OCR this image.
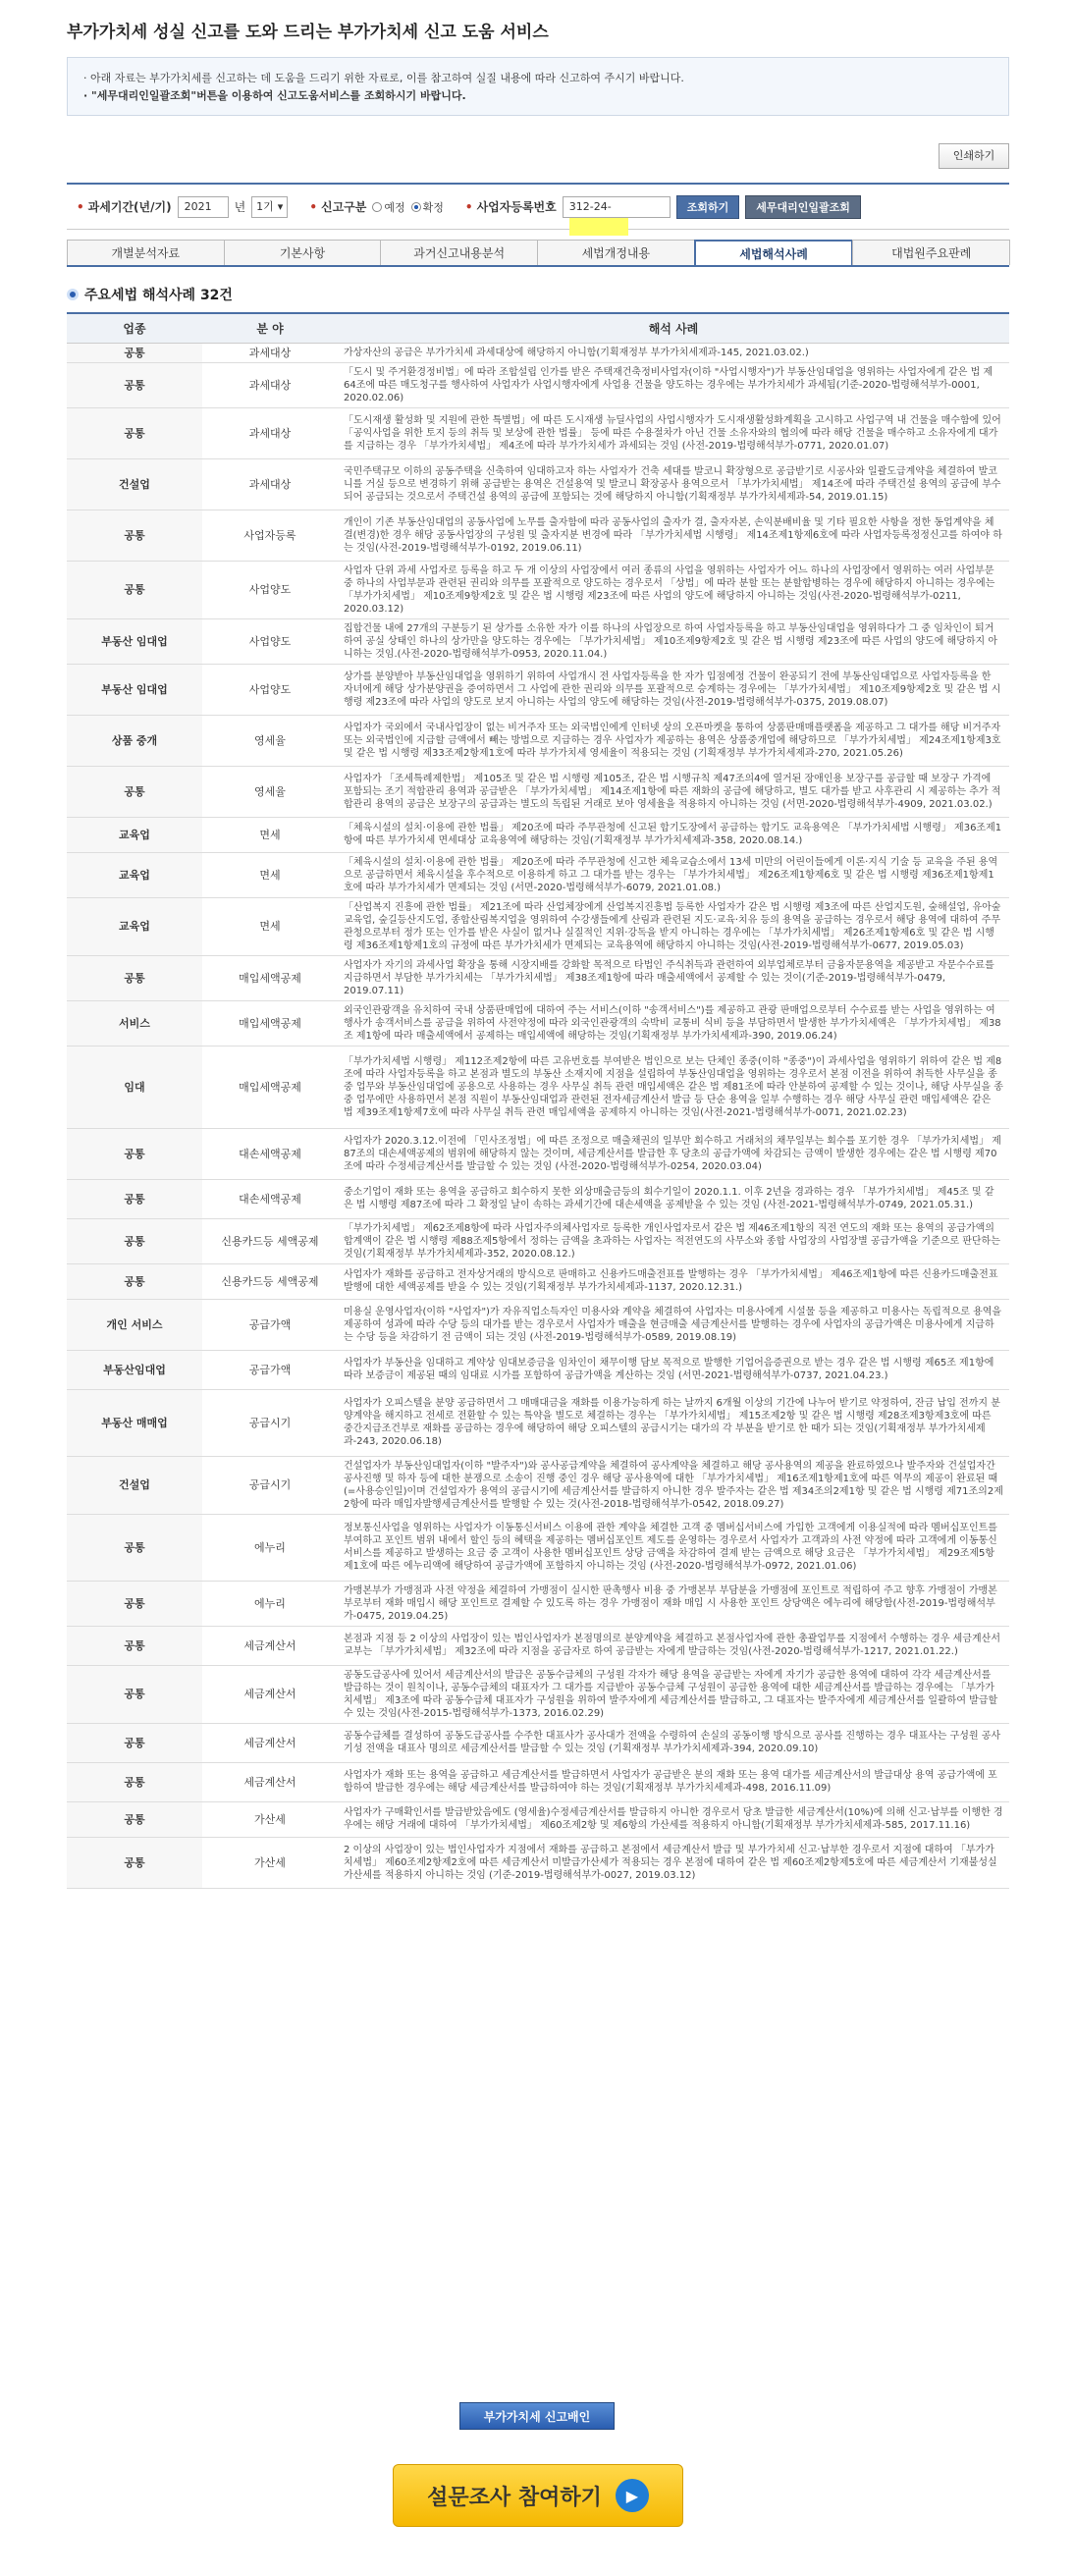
부가가치세 성실 신고를 도와 드리는 부가가치세 신고 도움 서비스
· 아래 자료는 부가가치세를 신고하는 데 도움을 드리기 위한 자료로, 이를 참고하여 실질 내용에 따라 신고하여 주시기 바랍니다.
· "세무대리인일괄조회"버튼을 이용하여 신고도움서비스를 조회하시기 바랍니다.
인쇄하기
• 과세기간(년/기)	2021	년 1기 ▾	• 신고구분 예정 확정	• 사업자등록번호	312-24-	조회하기	세무대리인일괄조회
개별분석자료	기본사항	과거신고내용분석	세법개정내용	세법해석사례	대법원주요판례
주요세법 해석사례 32건
업종	분 야	해석 사례
공통	과세대상	가상자산의 공급은 부가가치세 과세대상에 해당하지 아니함(기획재정부 부가가치세제과-145, 2021.03.02.)
공통	과세대상	「도시 및 주거환경정비법」에 따라 조합설립 인가를 받은 주택재건축정비사업자(이하 "사업시행자")가 부동산임대업을 영위하는 사업자에게 같은 법 제64조에 따른 매도청구를 행사하여 사업자가 사업시행자에게 사업용 건물을 양도하는 경우에는 부가가치세가 과세됨(기준-2020-법령해석부가-0001, 2020.02.06)
공통	과세대상	「도시재생 활성화 및 지원에 관한 특별법」에 따른 도시재생 뉴딜사업의 사업시행자가 도시재생활성화계획을 고시하고 사업구역 내 건물을 매수함에 있어 「공익사업을 위한 토지 등의 취득 및 보상에 관한 법률」 등에 따른 수용절차가 아닌 건물 소유자와의 협의에 따라 해당 건물을 매수하고 소유자에게 대가를 지급하는 경우 「부가가치세법」 제4조에 따라 부가가치세가 과세되는 것임 (사전-2019-법령해석부가-0771, 2020.01.07)
건설업	과세대상	국민주택규모 이하의 공동주택을 신축하여 임대하고자 하는 사업자가 건축 세대를 발코니 확장형으로 공급받기로 시공사와 일괄도급계약을 체결하여 발코니를 거실 등으로 변경하기 위해 공급받는 용역은 건설용역 및 발코니 확장공사 용역으로서 「부가가치세법」 제14조에 따라 주택건설 용역의 공급에 부수되어 공급되는 것으로서 주택건설 용역의 공급에 포함되는 것에 해당하지 아니함(기획재정부 부가가치세제과-54, 2019.01.15)
공통	사업자등록	개인이 기존 부동산임대업의 공동사업에 노무를 출자함에 따라 공동사업의 출자가 결, 출자자본, 손익분배비율 및 기타 필요한 사항을 정한 동업계약을 체결(변경)한 경우 해당 공동사업장의 구성원 및 출자지분 변경에 따라 「부가가치세법 시행령」 제14조제1항제6호에 따라 사업자등록정정신고를 하여야 하는 것임(사전-2019-법령해석부가-0192, 2019.06.11)
공통	사업양도	사업자 단위 과세 사업자로 등록을 하고 두 개 이상의 사업장에서 여러 종류의 사업을 영위하는 사업자가 어느 하나의 사업장에서 영위하는 여러 사업부문 중 하나의 사업부문과 관련된 권리와 의무를 포괄적으로 양도하는 경우로서 「상법」에 따라 분할 또는 분할합병하는 경우에 해당하지 아니하는 경우에는 「부가가치세법」 제10조제9항제2호 및 같은 법 시행령 제23조에 따른 사업의 양도에 해당하지 아니하는 것임(사전-2020-법령해석부가-0211, 2020.03.12)
부동산 임대업	사업양도	집합건물 내에 27개의 구분등기 된 상가를 소유한 자가 이를 하나의 사업장으로 하여 사업자등록을 하고 부동산임대업을 영위하다가 그 중 임차인이 퇴거하여 공실 상태인 하나의 상가만을 양도하는 경우에는 「부가가치세법」 제10조제9항제2호 및 같은 법 시행령 제23조에 따른 사업의 양도에 해당하지 아니하는 것임.(사전-2020-법령해석부가-0953, 2020.11.04.)
부동산 임대업	사업양도	상가를 분양받아 부동산임대업을 영위하기 위하여 사업개시 전 사업자등록을 한 자가 입점예정 건물이 완공되기 전에 부동산임대업으로 사업자등록을 한 자녀에게 해당 상가분양권을 증여하면서 그 사업에 관한 권리와 의무를 포괄적으로 승계하는 경우에는 「부가가치세법」 제10조제9항제2호 및 같은 법 시행령 제23조에 따라 사업의 양도로 보지 아니하는 사업의 양도에 해당하는 것임(사전-2019-법령해석부가-0375, 2019.08.07)
상품 중개	영세율	사업자가 국외에서 국내사업장이 없는 비거주자 또는 외국법인에게 인터넷 상의 오픈마켓을 통하여 상품판매매플랫폼을 제공하고 그 대가를 해당 비거주자 또는 외국법인에 지급할 금액에서 빼는 방법으로 지급하는 경우 사업자가 제공하는 용역은 상품중개업에 해당하므로 「부가가치세법」 제24조제1항제3호 및 같은 법 시행령 제33조제2항제1호에 따라 부가가치세 영세율이 적용되는 것임 (기획재정부 부가가치세제과-270, 2021.05.26)
공통	영세율	사업자가 「조세특례제한법」 제105조 및 같은 법 시행령 제105조, 같은 법 시행규칙 제47조의4에 열거된 장애인용 보장구를 공급할 때 보장구 가격에 포함되는 조기 적합관리 용역과 공급받은 「부가가치세법」 제14조제1항에 따른 재화의 공급에 해당하고, 별도 대가를 받고 사후관리 시 제공하는 추가 적합관리 용역의 공급은 보장구의 공급과는 별도의 독립된 거래로 보아 영세율을 적용하지 아니하는 것임 (서면-2020-법령해석부가-4909, 2021.03.02.)
교육업	면세	「체육시설의 설치·이용에 관한 법률」 제20조에 따라 주무관청에 신고된 합기도장에서 공급하는 합기도 교육용역은 「부가가치세법 시행령」 제36조제1항에 따른 부가가치세 면세대상 교육용역에 해당하는 것임(기획재정부 부가가치세제과-358, 2020.08.14.)
교육업	면세	「체육시설의 설치·이용에 관한 법률」 제20조에 따라 주무관청에 신고한 체육교습소에서 13세 미만의 어린이들에게 이론·지식 기술 등 교육을 주된 용역으로 공급하면서 체육시설을 후수적으로 이용하게 하고 그 대가를 받는 경우는 「부가가치세법」 제26조제1항제6호 및 같은 법 시행령 제36조제1항제1호에 따라 부가가치세가 면제되는 것임 (서면-2020-법령해석부가-6079, 2021.01.08.)
교육업	면세	「산업복지 진흥에 관한 법률」 제21조에 따라 산업체장에게 산업복지진흥법 등록한 사업자가 같은 법 시행령 제3조에 따른 산업지도원, 숲해설업, 유아숲교육업, 숲길등산지도업, 종합산림복지업을 영위하여 수강생들에게 산림과 관련된 지도·교육·치유 등의 용역을 공급하는 경우로서 해당 용역에 대하여 주무관청으로부터 정가 또는 인가를 받은 사실이 없거나 실질적인 지위·강독을 받지 아니하는 경우에는 「부가가치세법」 제26조제1항제6호 및 같은 법 시행령 제36조제1항제1호의 규정에 따른 부가가치세가 면제되는 교육용역에 해당하지 아니하는 것임(사전-2019-법령해석부가-0677, 2019.05.03)
공통	매입세액공제	사업자가 자기의 과세사업 확장을 통해 시장지배를 강화할 목적으로 타법인 주식취득과 관련하여 외부업체로부터 금융자문용역을 제공받고 자문수수료를 지급하면서 부담한 부가가치세는 「부가가치세법」 제38조제1항에 따라 매출세액에서 공제할 수 있는 것이(기준-2019-법령해석부가-0479, 2019.07.11)
서비스	매입세액공제	외국인관광객을 유치하여 국내 상품판매업에 대하여 주는 서비스(이하 "송객서비스")를 제공하고 관광 판매업으로부터 수수료를 받는 사업을 영위하는 여행사가 송객서비스를 공급을 위하여 사전약정에 따라 외국인관광객의 숙박비 교통비 식비 등을 부담하면서 발생한 부가가치세액은 「부가가치세법」 제38조 제1항에 따라 매출세액에서 공제하는 매입세액에 해당하는 것임(기획재정부 부가가치세제과-390, 2019.06.24)
임대	매입세액공제	「부가가치세법 시행령」 제112조제2항에 따른 고유번호를 부여받은 법인으로 보는 단체인 종중(이하 "종중")이 과세사업을 영위하기 위하여 같은 법 제8조에 따라 사업자등록을 하고 본점과 별도의 부동산 소재지에 지점을 설립하여 부동산임대업을 영위하는 경우로서 본점 이전을 위하여 취득한 사무실을 종중 업무와 부동산임대업에 공용으로 사용하는 경우 사무실 취득 관련 매입세액은 같은 법 제81조에 따라 안분하여 공제할 수 있는 것이나, 해당 사무실을 종중 업무에만 사용하면서 본점 직원이 부동산임대업과 관련된 전자세금계산서 발급 등 단순 용역을 일부 수행하는 경우 해당 사무실 관련 매입세액은 같은 법 제39조제1항제7호에 따라 사무실 취득 관련 매입세액을 공제하지 아니하는 것임(사전-2021-법령해석부가-0071, 2021.02.23)
공통	대손세액공제	사업자가 2020.3.12.이전에 「민사조정법」에 따른 조정으로 매출채권의 일부만 회수하고 거래처의 채무일부는 회수를 포기한 경우 「부가가치세법」 제87조의 대손세액공제의 범위에 해당하지 않는 것이며, 세금계산서를 발급한 후 당초의 공급가액에 차감되는 금액이 발생한 경우에는 같은 법 시행령 제70조에 따라 수정세금계산서를 발급할 수 있는 것임 (사전-2020-법령해석부가-0254, 2020.03.04)
공통	대손세액공제	중소기업이 재화 또는 용역을 공급하고 회수하지 못한 외상매출금등의 회수기일이 2020.1.1. 이후 2년을 경과하는 경우 「부가가치세법」 제45조 및 같은 법 시행령 제87조에 따라 그 확정일 날이 속하는 과세기간에 대손세액을 공제받을 수 있는 것임 (사전-2021-법령해석부가-0749, 2021.05.31.)
공통	신용카드등 세액공제	「부가가치세법」 제62조제8항에 따라 사업자주의체사업자로 등록한 개인사업자로서 같은 법 제46조제1항의 직전 연도의 재화 또는 용역의 공급가액의 합계액이 같은 법 시행령 제88조제5항에서 정하는 금액을 초과하는 사업자는 적전연도의 사무소와 종합 사업장의 사업장별 공급가액을 기준으로 판단하는 것임(기획재정부 부가가치세제과-352, 2020.08.12.)
공통	신용카드등 세액공제	사업자가 재화를 공급하고 전자상거래의 방식으로 판매하고 신용카드매출전표를 발행하는 경우 「부가가치세법」 제46조제1항에 따른 신용카드매출전표 발행에 대한 세액공제를 받을 수 있는 것임(기획재정부 부가가치세제과-1137, 2020.12.31.)
개인 서비스	공급가액	미용실 운영사업자(이하 "사업자")가 자유직업소득자인 미용사와 계약을 체결하여 사업자는 미용사에게 시설물 등을 제공하고 미용사는 독립적으로 용역을 제공하여 성과에 따라 수당 등의 대가를 받는 경우로서 사업자가 매출을 현금매출 세금계산서를 발행하는 경우에 사업자의 공급가액은 미용사에게 지급하는 수당 등을 차감하기 전 금액이 되는 것임 (사전-2019-법령해석부가-0589, 2019.08.19)
부동산임대업	공급가액	사업자가 부동산을 임대하고 계약상 임대보증금을 임차인이 채무이행 담보 목적으로 발행한 기업어음증권으로 받는 경우 같은 법 시행령 제65조 제1항에 따라 보증금이 제공된 때의 임대료 시가를 포함하여 공급가액을 계산하는 것임 (서면-2021-법령해석부가-0737, 2021.04.23.)
부동산 매매업	공급시기	사업자가 오피스텔을 분양 공급하면서 그 매매대금을 재화를 이용가능하게 하는 날까지 6개월 이상의 기간에 나누어 받기로 약정하여, 잔금 납입 전까지 분양계약을 해지하고 전세로 전환할 수 있는 특약을 별도로 체결하는 경우는 「부가가치세법」 제15조제2항 및 같은 법 시행령 제28조제3항제3호에 따른 중간지급조건부로 재화를 공급하는 경우에 해당하여 해당 오피스텔의 공급시기는 대가의 각 부분을 받기로 한 때가 되는 것임(기획재정부 부가가치세제과-243, 2020.06.18)
건설업	공급시기	건설업자가 부동산임대업자(이하 "발주자")와 공사공급계약을 체결하여 공사계약을 체결하고 해당 공사용역의 제공을 완료하였으나 발주자와 건설업자간 공사진행 및 하자 등에 대한 분쟁으로 소송이 진행 중인 경우 해당 공사용역에 대한 「부가가치세법」 제16조제1항제1호에 따른 역무의 제공이 완료된 때(=사용승인일)이며 건설업자가 용역의 공급시기에 세금계산서를 발급하지 아니한 경우 발주자는 같은 법 제34조의2제1항 및 같은 법 시행령 제71조의2제2항에 따라 매입자발행세금계산서를 발행할 수 있는 것(사전-2018-법령해석부가-0542, 2018.09.27)
공통	에누리	정보통신사업을 영위하는 사업자가 이동통신서비스 이용에 관한 계약을 체결한 고객 중 멤버십서비스에 가입한 고객에게 이용실적에 따라 멤버십포인트를 부여하고 포인트 범위 내에서 할인 등의 혜택을 제공하는 멤버십포인트 제도를 운영하는 경우로서 사업자가 고객과의 사전 약정에 따라 고객에게 이동통신서비스를 제공하고 발생하는 요금 중 고객이 사용한 멤버십포인트 상당 금액을 차감하여 결제 받는 금액으로 해당 요금은 「부가가치세법」 제29조제5항제1호에 따른 에누리액에 해당하여 공급가액에 포함하지 아니하는 것임 (사전-2020-법령해석부가-0972, 2021.01.06)
공통	에누리	가맹본부가 가맹점과 사전 약정을 체결하여 가맹점이 실시한 판촉행사 비용 중 가맹본부 부담분을 가맹점에 포인트로 적립하여 주고 향후 가맹점이 가맹본부로부터 재화 매입시 해당 포인트로 결제할 수 있도록 하는 경우 가맹점이 재화 매입 시 사용한 포인트 상당액은 에누리에 해당함(사전-2019-법령해석부가-0475, 2019.04.25)
공통	세금계산서	본점과 지점 등 2 이상의 사업장이 있는 법인사업자가 본점명의로 분양계약을 체결하고 본점사업자에 관한 총괄업무를 지점에서 수행하는 경우 세금계산서 교부는 「부가가치세법」 제32조에 따라 지점을 공급자로 하여 공급받는 자에게 발급하는 것임(사전-2020-법령해석부가-1217, 2021.01.22.)
공통	세금계산서	공동도급공사에 있어서 세금계산서의 발급은 공동수급체의 구성원 각자가 해당 용역을 공급받는 자에게 자기가 공급한 용역에 대하여 각각 세금계산서를 발급하는 것이 원칙이나, 공동수급체의 대표자가 그 대가를 지급받아 공동수급체 구성원이 공급한 용역에 대한 세금계산서를 발급하는 경우에는 「부가가치세법」 제3조에 따라 공동수급체 대표자가 구성원을 위하여 발주자에게 세금계산서를 발급하고, 그 대표자는 발주자에게 세금계산서를 일괄하여 발급할 수 있는 것임(사전-2015-법령해석부가-1373, 2016.02.29)
공통	세금계산서	공동수급체를 결성하여 공동도급공사를 수주한 대표사가 공사대가 전액을 수령하여 손실의 공동이행 방식으로 공사를 진행하는 경우 대표사는 구성원 공사기성 전액을 대표사 명의로 세금계산서를 발급할 수 있는 것임 (기획재정부 부가가치세제과-394, 2020.09.10)
공통	세금계산서	사업자가 재화 또는 용역을 공급하고 세금계산서를 발급하면서 사업자가 공급받은 분의 재화 또는 용역 대가를 세금계산서의 발급대상 용역 공급가액에 포함하여 발급한 경우에는 해당 세금계산서를 발급하여야 하는 것임(기획재정부 부가가치세제과-498, 2016.11.09)
공통	가산세	사업자가 구매확인서를 발급받았음에도 (영세율)수정세금계산서를 발급하지 아니한 경우로서 당초 발급한 세금계산서(10%)에 의해 신고·납부를 이행한 경우에는 해당 거래에 대하여 「부가가치세법」 제60조제2항 및 제6항의 가산세를 적용하지 아니함(기획재정부 부가가치세제과-585, 2017.11.16)
공통	가산세	2 이상의 사업장이 있는 법인사업자가 지점에서 재화를 공급하고 본점에서 세금계산서 발급 및 부가가치세 신고·납부한 경우로서 지점에 대하여 「부가가치세법」 제60조제2항제2호에 따른 세금계산서 미발급가산세가 적용되는 경우 본점에 대하여 같은 법 제60조제2항제5호에 따른 세금계산서 기재불성실가산세를 적용하지 아니하는 것임 (기준-2019-법령해석부가-0027, 2019.03.12)
부가가치세 신고배인
설문조사 참여하기	▶
